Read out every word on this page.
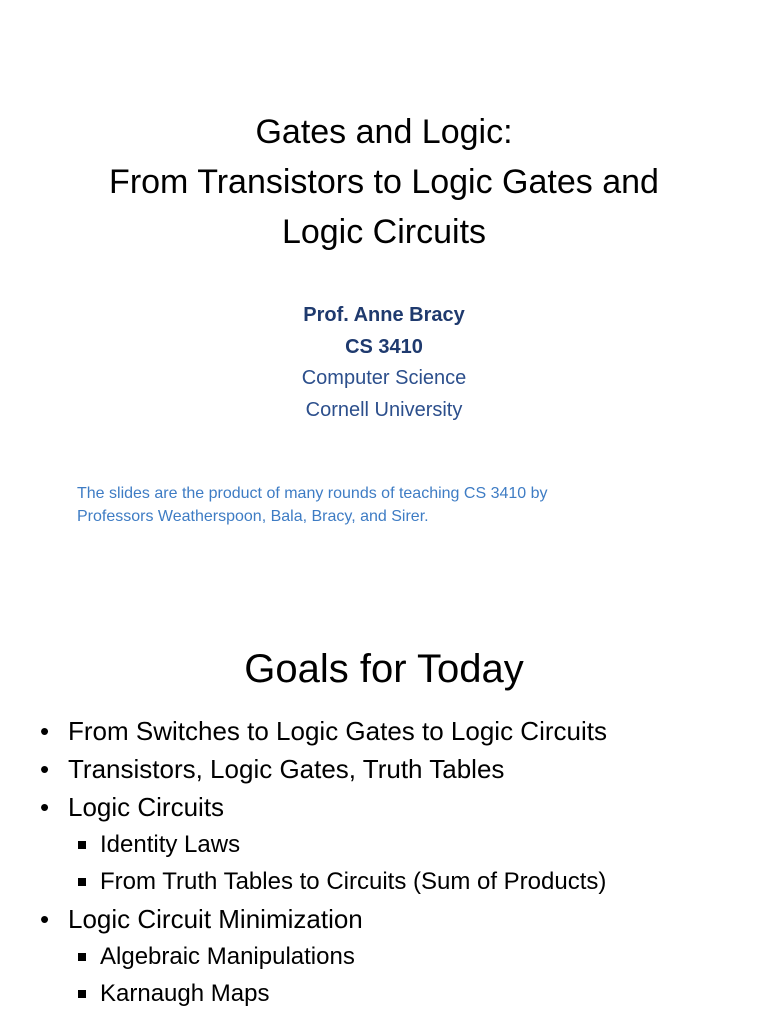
Gates and Logic:
From Transistors to Logic Gates and
Logic Circuits
Prof. Anne Bracy
CS 3410
Computer Science
Cornell University
The slides are the product of many rounds of teaching CS 3410 by
Professors Weatherspoon, Bala, Bracy, and Sirer.
Goals for Today
• From Switches to Logic Gates to Logic Circuits
• Transistors, Logic Gates, Truth Tables
• Logic Circuits
Identity Laws
From Truth Tables to Circuits (Sum of Products)
• Logic Circuit Minimization
Algebraic Manipulations
Karnaugh Maps
